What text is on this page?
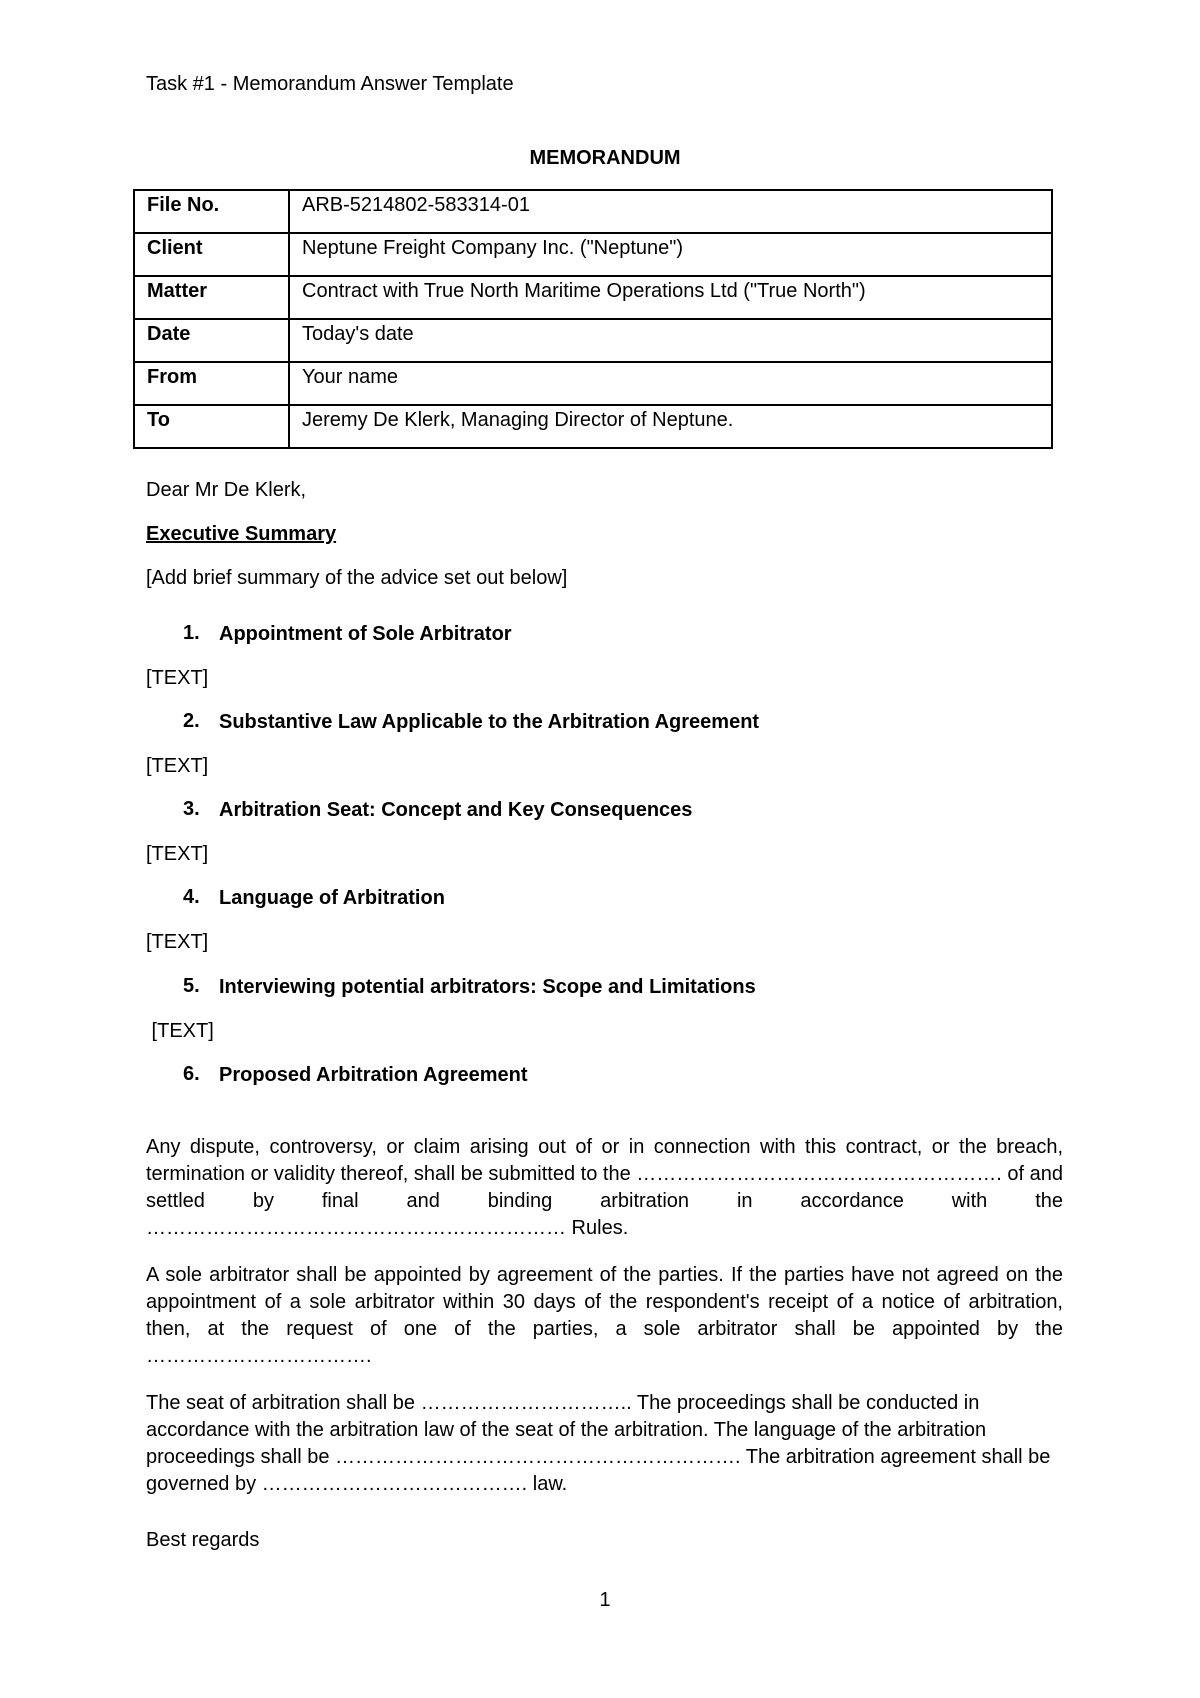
Task #1 - Memorandum Answer Template

MEMORANDUM

File No.	ARB-5214802-583314-01
Client	Neptune Freight Company Inc. ("Neptune")
Matter	Contract with True North Maritime Operations Ltd ("True North")
Date	Today's date
From	Your name
To	Jeremy De Klerk, Managing Director of Neptune.

Dear Mr De Klerk,

Executive Summary

[Add brief summary of the advice set out below]

1. Appointment of Sole Arbitrator
[TEXT]
2. Substantive Law Applicable to the Arbitration Agreement
[TEXT]
3. Arbitration Seat: Concept and Key Consequences
[TEXT]
4. Language of Arbitration
[TEXT]
5. Interviewing potential arbitrators: Scope and Limitations
[TEXT]
6. Proposed Arbitration Agreement

Any dispute, controversy, or claim arising out of or in connection with this contract, or the breach, termination or validity thereof, shall be submitted to the ………………………………………………. of and settled by final and binding arbitration in accordance with the ……………………………………………………… Rules.

A sole arbitrator shall be appointed by agreement of the parties. If the parties have not agreed on the appointment of a sole arbitrator within 30 days of the respondent's receipt of a notice of arbitration, then, at the request of one of the parties, a sole arbitrator shall be appointed by the …………………………….

The seat of arbitration shall be ………………………….. The proceedings shall be conducted in accordance with the arbitration law of the seat of the arbitration. The language of the arbitration proceedings shall be ……………………………………………………. The arbitration agreement shall be governed by …………………………………. law.

Best regards

1
